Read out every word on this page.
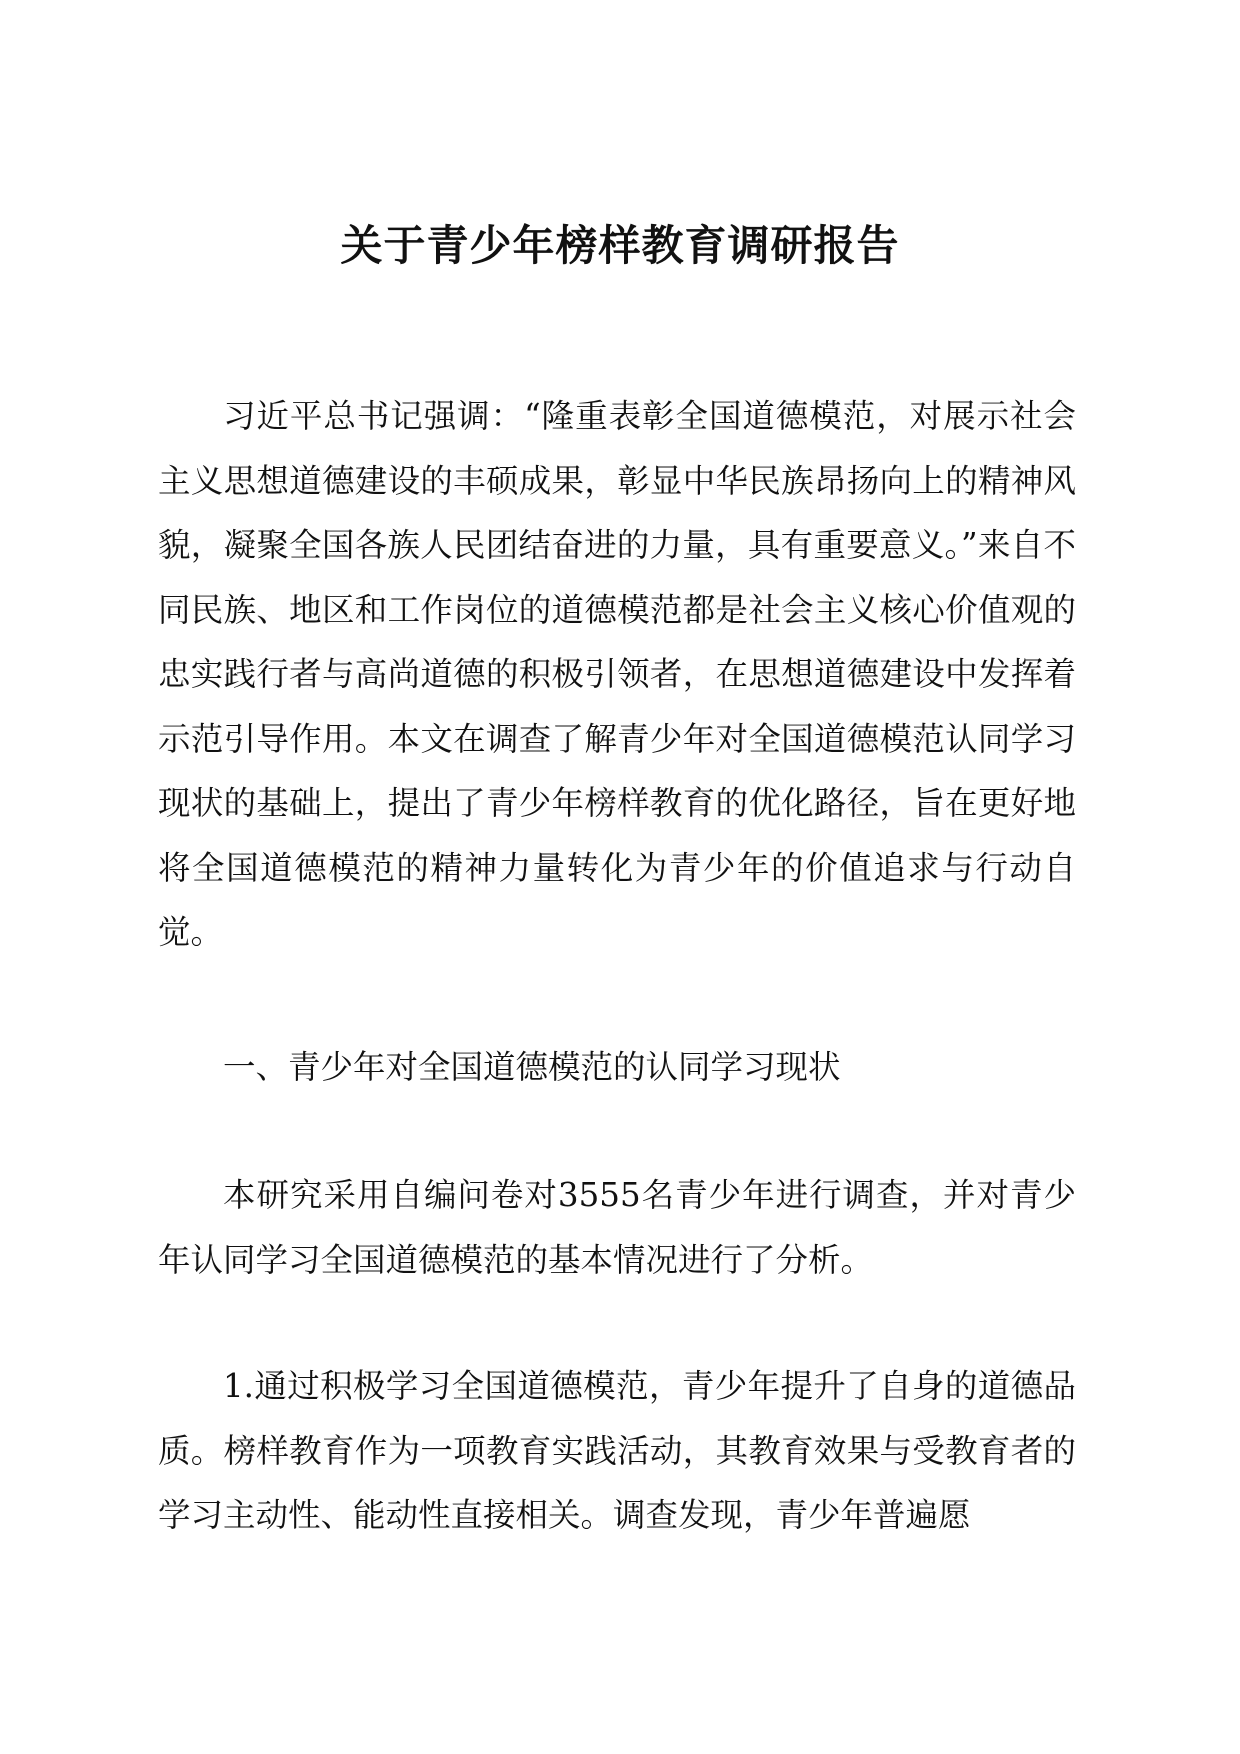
关于青少年榜样教育调研报告

习近平总书记强调：“隆重表彰全国道德模范，对展示社会主义思想道德建设的丰硕成果，彰显中华民族昂扬向上的精神风貌，凝聚全国各族人民团结奋进的力量，具有重要意义。”来自不同民族、地区和工作岗位的道德模范都是社会主义核心价值观的忠实践行者与高尚道德的积极引领者，在思想道德建设中发挥着示范引导作用。本文在调查了解青少年对全国道德模范认同学习现状的基础上，提出了青少年榜样教育的优化路径，旨在更好地将全国道德模范的精神力量转化为青少年的价值追求与行动自觉。

一、青少年对全国道德模范的认同学习现状

本研究采用自编问卷对3555名青少年进行调查，并对青少年认同学习全国道德模范的基本情况进行了分析。

1.通过积极学习全国道德模范，青少年提升了自身的道德品质。榜样教育作为一项教育实践活动，其教育效果与受教育者的学习主动性、能动性直接相关。调查发现，青少年普遍愿
